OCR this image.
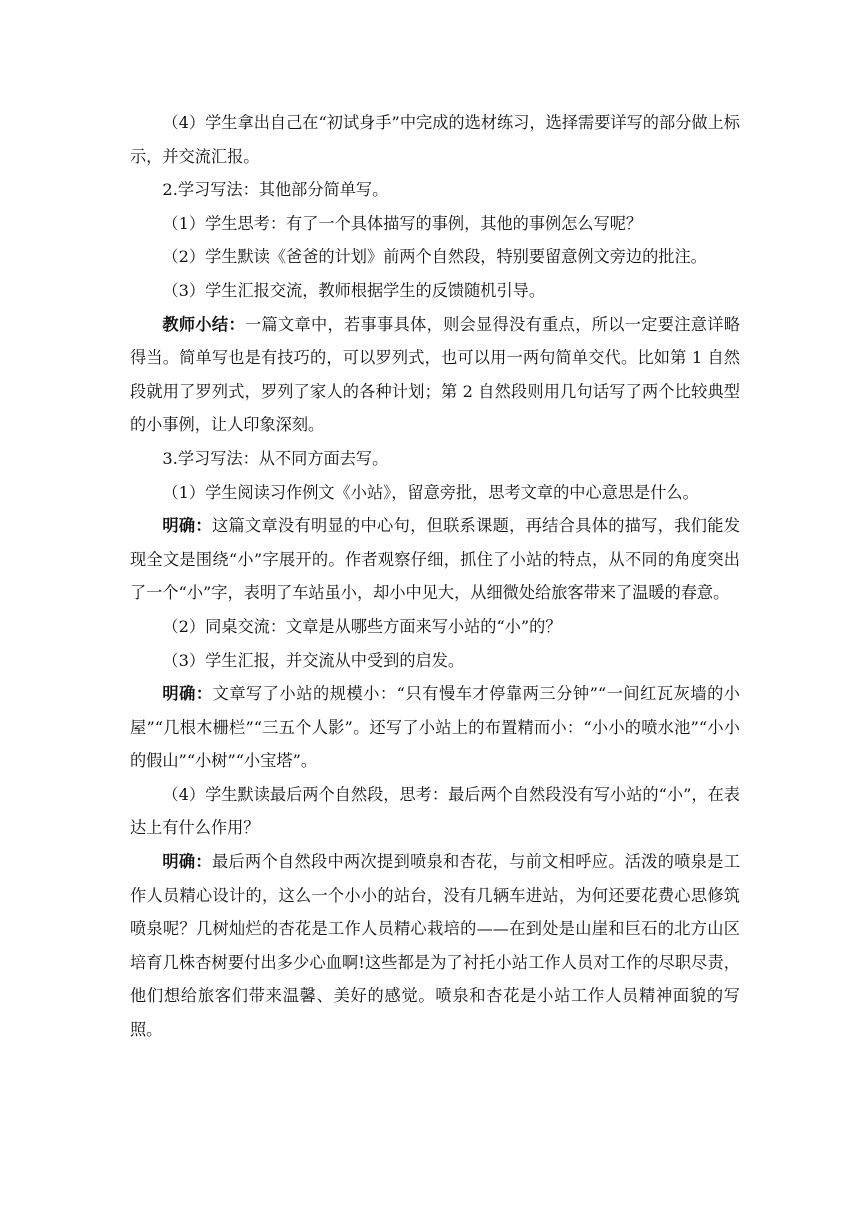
（4）学生拿出自己在“初试身手”中完成的选材练习，选择需要详写的部分做上标示，并交流汇报。

2.学习写法：其他部分简单写。

（1）学生思考：有了一个具体描写的事例，其他的事例怎么写呢？

（2）学生默读《爸爸的计划》前两个自然段，特别要留意例文旁边的批注。

（3）学生汇报交流，教师根据学生的反馈随机引导。

教师小结：一篇文章中，若事事具体，则会显得没有重点，所以一定要注意详略得当。简单写也是有技巧的，可以罗列式，也可以用一两句简单交代。比如第 1 自然段就用了罗列式，罗列了家人的各种计划；第 2 自然段则用几句话写了两个比较典型的小事例，让人印象深刻。

3.学习写法：从不同方面去写。

（1）学生阅读习作例文《小站》，留意旁批，思考文章的中心意思是什么。

明确：这篇文章没有明显的中心句，但联系课题，再结合具体的描写，我们能发现全文是围绕“小”字展开的。作者观察仔细，抓住了小站的特点，从不同的角度突出了一个“小”字，表明了车站虽小，却小中见大，从细微处给旅客带来了温暖的春意。

（2）同桌交流：文章是从哪些方面来写小站的“小”的？

（3）学生汇报，并交流从中受到的启发。

明确：文章写了小站的规模小：“只有慢车才停靠两三分钟”“一间红瓦灰墙的小屋”“几根木栅栏”“三五个人影”。还写了小站上的布置精而小：“小小的喷水池”“小小的假山”“小树”“小宝塔”。

（4）学生默读最后两个自然段，思考：最后两个自然段没有写小站的“小”，在表达上有什么作用？

明确：最后两个自然段中两次提到喷泉和杏花，与前文相呼应。活泼的喷泉是工作人员精心设计的，这么一个小小的站台，没有几辆车进站，为何还要花费心思修筑喷泉呢？几树灿烂的杏花是工作人员精心栽培的——在到处是山崖和巨石的北方山区培育几株杏树要付出多少心血啊!这些都是为了衬托小站工作人员对工作的尽职尽责，他们想给旅客们带来温馨、美好的感觉。喷泉和杏花是小站工作人员精神面貌的写照。
